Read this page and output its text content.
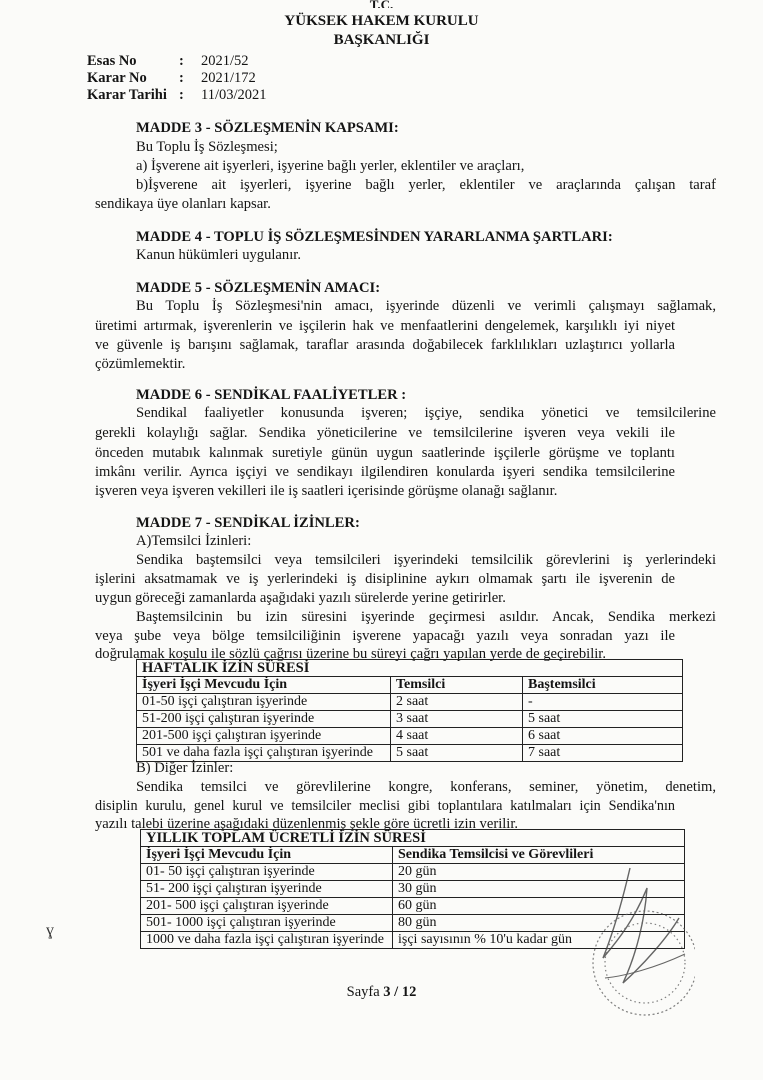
T.C.
YÜKSEK HAKEM KURULU
BAŞKANLIĞI
Esas No	:	2021/52
Karar No	:	2021/172
Karar Tarihi :	11/03/2021

MADDE 3 - SÖZLEŞMENİN KAPSAMI:

Bu Toplu İş Sözleşmesi;

a) İşverene ait işyerleri, işyerine bağlı yerler, eklentiler ve araçları,

b)İşverene ait işyerleri, işyerine bağlı yerler, eklentiler ve araçlarında çalışan taraf

sendikaya üye olanları kapsar.

MADDE 4 - TOPLU İŞ SÖZLEŞMESİNDEN YARARLANMA ŞARTLARI:

Kanun hükümleri uygulanır.

MADDE 5 - SÖZLEŞMENİN AMACI:

Bu Toplu İş Sözleşmesi'nin amacı, işyerinde düzenli ve verimli çalışmayı sağlamak,

üretimi artırmak, işverenlerin ve işçilerin hak ve menfaatlerini dengelemek, karşılıklı iyi niyet

ve güvenle iş barışını sağlamak, taraflar arasında doğabilecek farklılıkları uzlaştırıcı yollarla

çözümlemektir.

MADDE 6 - SENDİKAL FAALİYETLER :

Sendikal faaliyetler konusunda işveren; işçiye, sendika yönetici ve temsilcilerine

gerekli kolaylığı sağlar. Sendika yöneticilerine ve temsilcilerine işveren veya vekili ile

önceden mutabık kalınmak suretiyle günün uygun saatlerinde işçilerle görüşme ve toplantı

imkânı verilir. Ayrıca işçiyi ve sendikayı ilgilendiren konularda işyeri sendika temsilcilerine

işveren veya işveren vekilleri ile iş saatleri içerisinde görüşme olanağı sağlanır.

MADDE 7 - SENDİKAL İZİNLER:

A)Temsilci İzinleri:

Sendika baştemsilci veya temsilcileri işyerindeki temsilcilik görevlerini iş yerlerindeki

işlerini aksatmamak ve iş yerlerindeki iş disiplinine aykırı olmamak şartı ile işverenin de

uygun göreceği zamanlarda aşağıdaki yazılı sürelerde yerine getirirler.

Baştemsilcinin bu izin süresini işyerinde geçirmesi asıldır. Ancak, Sendika merkezi

veya şube veya bölge temsilciliğinin işverene yapacağı yazılı veya sonradan yazı ile

doğrulamak koşulu ile sözlü çağrısı üzerine bu süreyi çağrı yapılan yerde de geçirebilir.

HAFTALIK İZİN SÜRESİ		
İşyeri İşçi Mevcudu İçin	Temsilci	Baştemsilci
01-50 işçi çalıştıran işyerinde	2 saat	-
51-200 işçi çalıştıran işyerinde	3 saat	5 saat
201-500 işçi çalıştıran işyerinde	4 saat	6 saat
501 ve daha fazla işçi çalıştıran işyerinde	5 saat	7 saat

B) Diğer İzinler:

Sendika temsilci ve görevlilerine kongre, konferans, seminer, yönetim, denetim,

disiplin kurulu, genel kurul ve temsilciler meclisi gibi toplantılara katılmaları için Sendika'nın

yazılı talebi üzerine aşağıdaki düzenlenmiş şekle göre ücretli izin verilir.

YILLIK TOPLAM ÜCRETLİ İZİN SÜRESİ	
İşyeri İşçi Mevcudu İçin	Sendika Temsilcisi ve Görevlileri
01- 50 işçi çalıştıran işyerinde	20 gün
51- 200 işçi çalıştıran işyerinde	30 gün
201- 500 işçi çalıştıran işyerinde	60 gün
501- 1000 işçi çalıştıran işyerinde	80 gün
1000 ve daha fazla işçi çalıştıran işyerinde	işçi sayısının % 10'u kadar gün
ɣ
Sayfa 3 / 12
